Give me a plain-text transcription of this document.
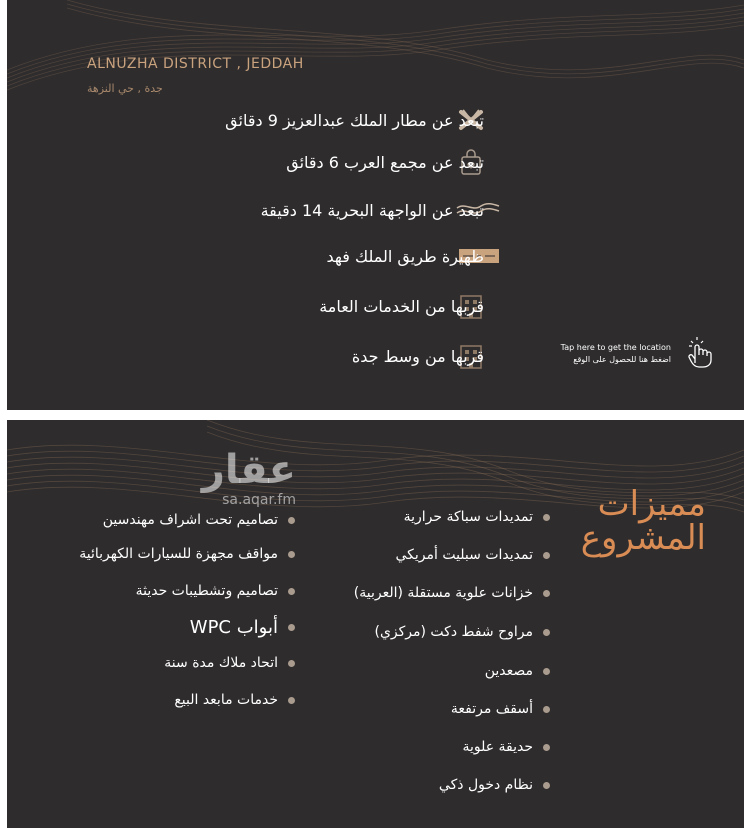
ALNUZHA DISTRICT , JEDDAH
جدة , حي النزهة
تبعد عن مطار الملك عبدالعزيز 9 دقائق
تبعد عن مجمع العرب 6 دقائق
تبعد عن الواجهة البحرية 14 دقيقة
ظهيرة طريق الملك فهد
قربها من الخدمات العامة
قربها من وسط جدة	Tap here to get the location
اضغط هنا للحصول على الوقع
مميزات
المشروع
عقار
sa.aqar.fm
تمديدات سباكة حرارية
تمديدات سبليت أمريكي
خزانات علوية مستقلة (العربية)
مراوح شفط دكت (مركزي)
مصعدين
أسقف مرتفعة
حديقة علوية
نظام دخول ذكي
تصاميم تحت اشراف مهندسين
مواقف مجهزة للسيارات الكهربائية
تصاميم وتشطيبات حديثة
أبواب WPC
اتحاد ملاك مدة سنة
خدمات مابعد البيع
